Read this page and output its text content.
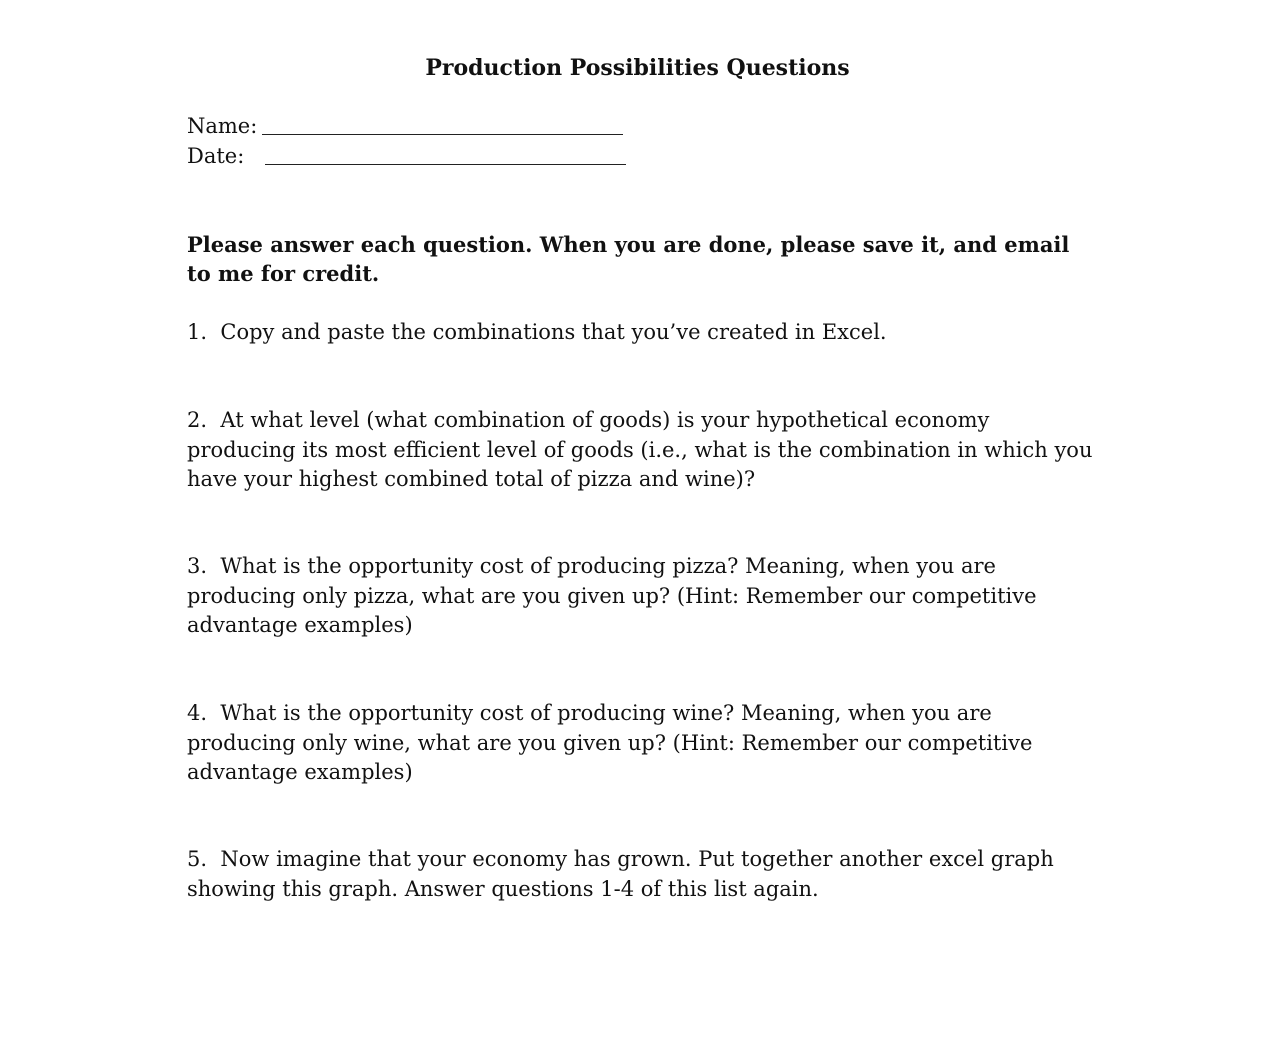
Production Possibilities Questions
Name:
Date:
Please answer each question. When you are done, please save it, and email to me for credit.
1. Copy and paste the combinations that you’ve created in Excel.
2. At what level (what combination of goods) is your hypothetical economy producing its most efficient level of goods (i.e., what is the combination in which you have your highest combined total of pizza and wine)?
3. What is the opportunity cost of producing pizza? Meaning, when you are producing only pizza, what are you given up? (Hint: Remember our competitive advantage examples)
4. What is the opportunity cost of producing wine? Meaning, when you are producing only wine, what are you given up? (Hint: Remember our competitive advantage examples)
5. Now imagine that your economy has grown. Put together another excel graph showing this graph. Answer questions 1-4 of this list again.
